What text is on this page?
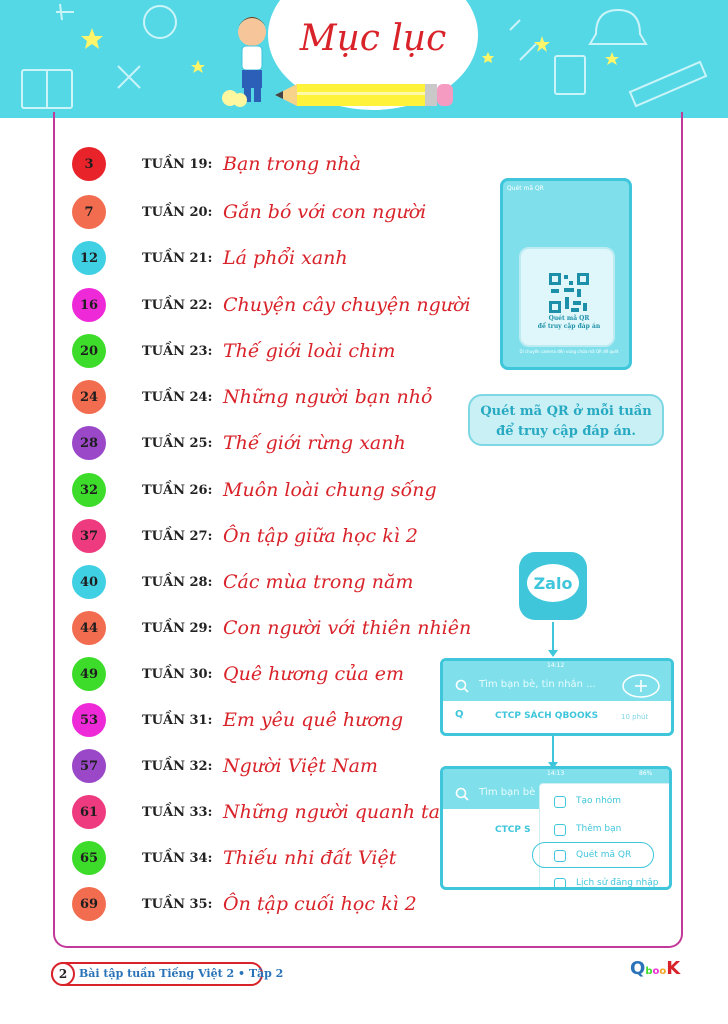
Mục lục
3	TUẦN 19: Bạn trong nhà
7	TUẦN 20: Gắn bó với con người
12	TUẦN 21: Lá phổi xanh
16	TUẦN 22: Chuyện cây chuyện người
20	TUẦN 23: Thế giới loài chim
24	TUẦN 24: Những người bạn nhỏ
28	TUẦN 25: Thế giới rừng xanh
32	TUẦN 26: Muôn loài chung sống
37	TUẦN 27: Ôn tập giữa học kì 2
40	TUẦN 28: Các mùa trong năm
44	TUẦN 29: Con người với thiên nhiên
49	TUẦN 30: Quê hương của em
53	TUẦN 31: Em yêu quê hương
57	TUẦN 32: Người Việt Nam
61	TUẦN 33: Những người quanh ta
65	TUẦN 34: Thiếu nhi đất Việt
69	TUẦN 35: Ôn tập cuối học kì 2
Quét mã QR
Quét mã QR
để truy cập đáp án
Di chuyển camera đến vùng chứa mã QR để quét
Quét mã QR ở mỗi tuần
để truy cập đáp án.
Zalo
14:12
Tìm bạn bè, tin nhắn ...
Q	CTCP SÁCH QBOOKS	10 phút
14:13	86%
Tìm bạn bè
CTCP S
Tạo nhóm
Thêm bạn
Quét mã QR
Lịch sử đăng nhập
2	Bài tập tuần Tiếng Việt 2 • Tập 2	QbooK
